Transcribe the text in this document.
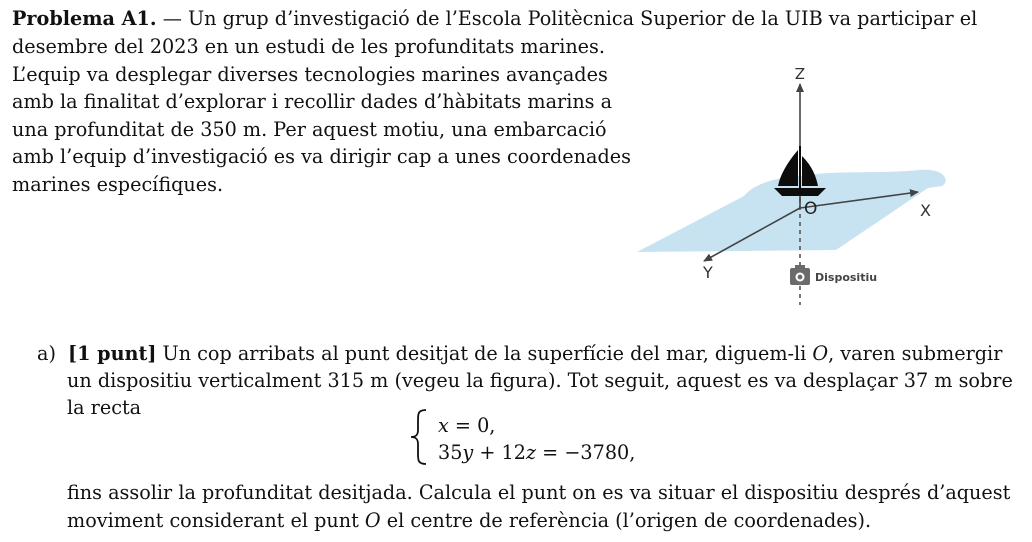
Problema A1. — Un grup d’investigació de l’Escola Politècnica Superior de la UIB va participar el
desembre del 2023 en un estudi de les profunditats marines.
L’equip va desplegar diverses tecnologies marines avançades
amb la finalitat d’explorar i recollir dades d’hàbitats marins a
una profunditat de 350 m. Per aquest motiu, una embarcació
amb l’equip d’investigació es va dirigir cap a unes coordenades
marines específiques.
Z
X
Y
O
Dispositiu
a) [1 punt] Un cop arribats al punt desitjat de la superfície del mar, diguem-li O, varen submergir
un dispositiu verticalment 315 m (vegeu la figura). Tot seguit, aquest es va desplaçar 37 m sobre
la recta
x = 0,
35y + 12z = −3780,
fins assolir la profunditat desitjada. Calcula el punt on es va situar el dispositiu després d’aquest
moviment considerant el punt O el centre de referència (l’origen de coordenades).
